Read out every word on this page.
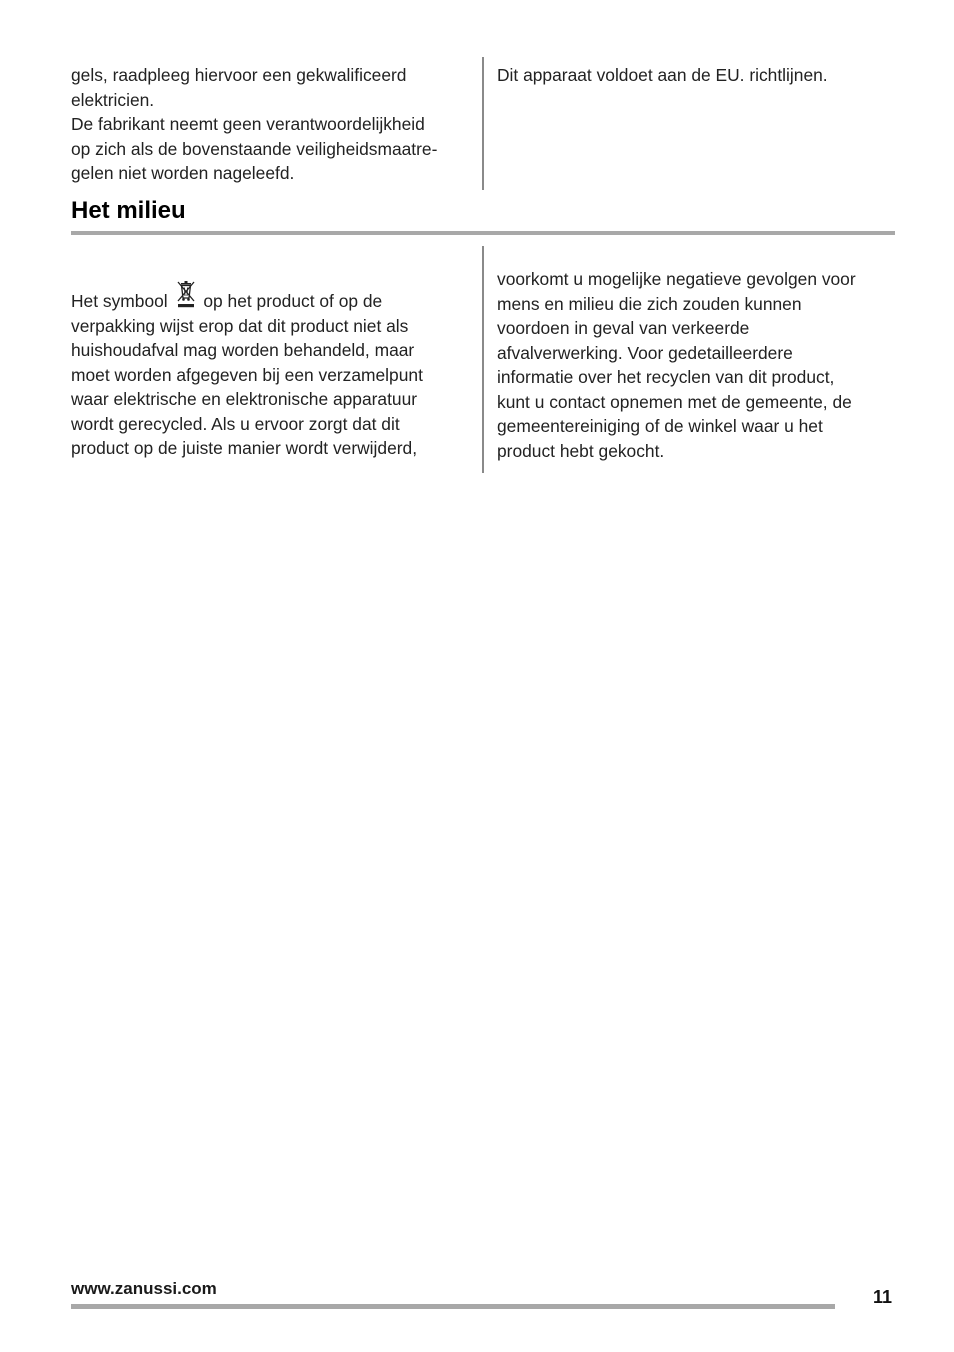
gels, raadpleeg hiervoor een gekwalificeerd

elektricien.

De fabrikant neemt geen verantwoordelijkheid

op zich als de bovenstaande veiligheidsmaatre-

gelen niet worden nageleefd.

Dit apparaat voldoet aan de EU. richtlijnen.

Het milieu

Het symbool op het product of op de

verpakking wijst erop dat dit product niet als

huishoudafval mag worden behandeld, maar

moet worden afgegeven bij een verzamelpunt

waar elektrische en elektronische apparatuur

wordt gerecycled. Als u ervoor zorgt dat dit

product op de juiste manier wordt verwijderd,

voorkomt u mogelijke negatieve gevolgen voor

mens en milieu die zich zouden kunnen

voordoen in geval van verkeerde

afvalverwerking. Voor gedetailleerdere

informatie over het recyclen van dit product,

kunt u contact opnemen met de gemeente, de

gemeentereiniging of de winkel waar u het

product hebt gekocht.

www.zanussi.com	11
